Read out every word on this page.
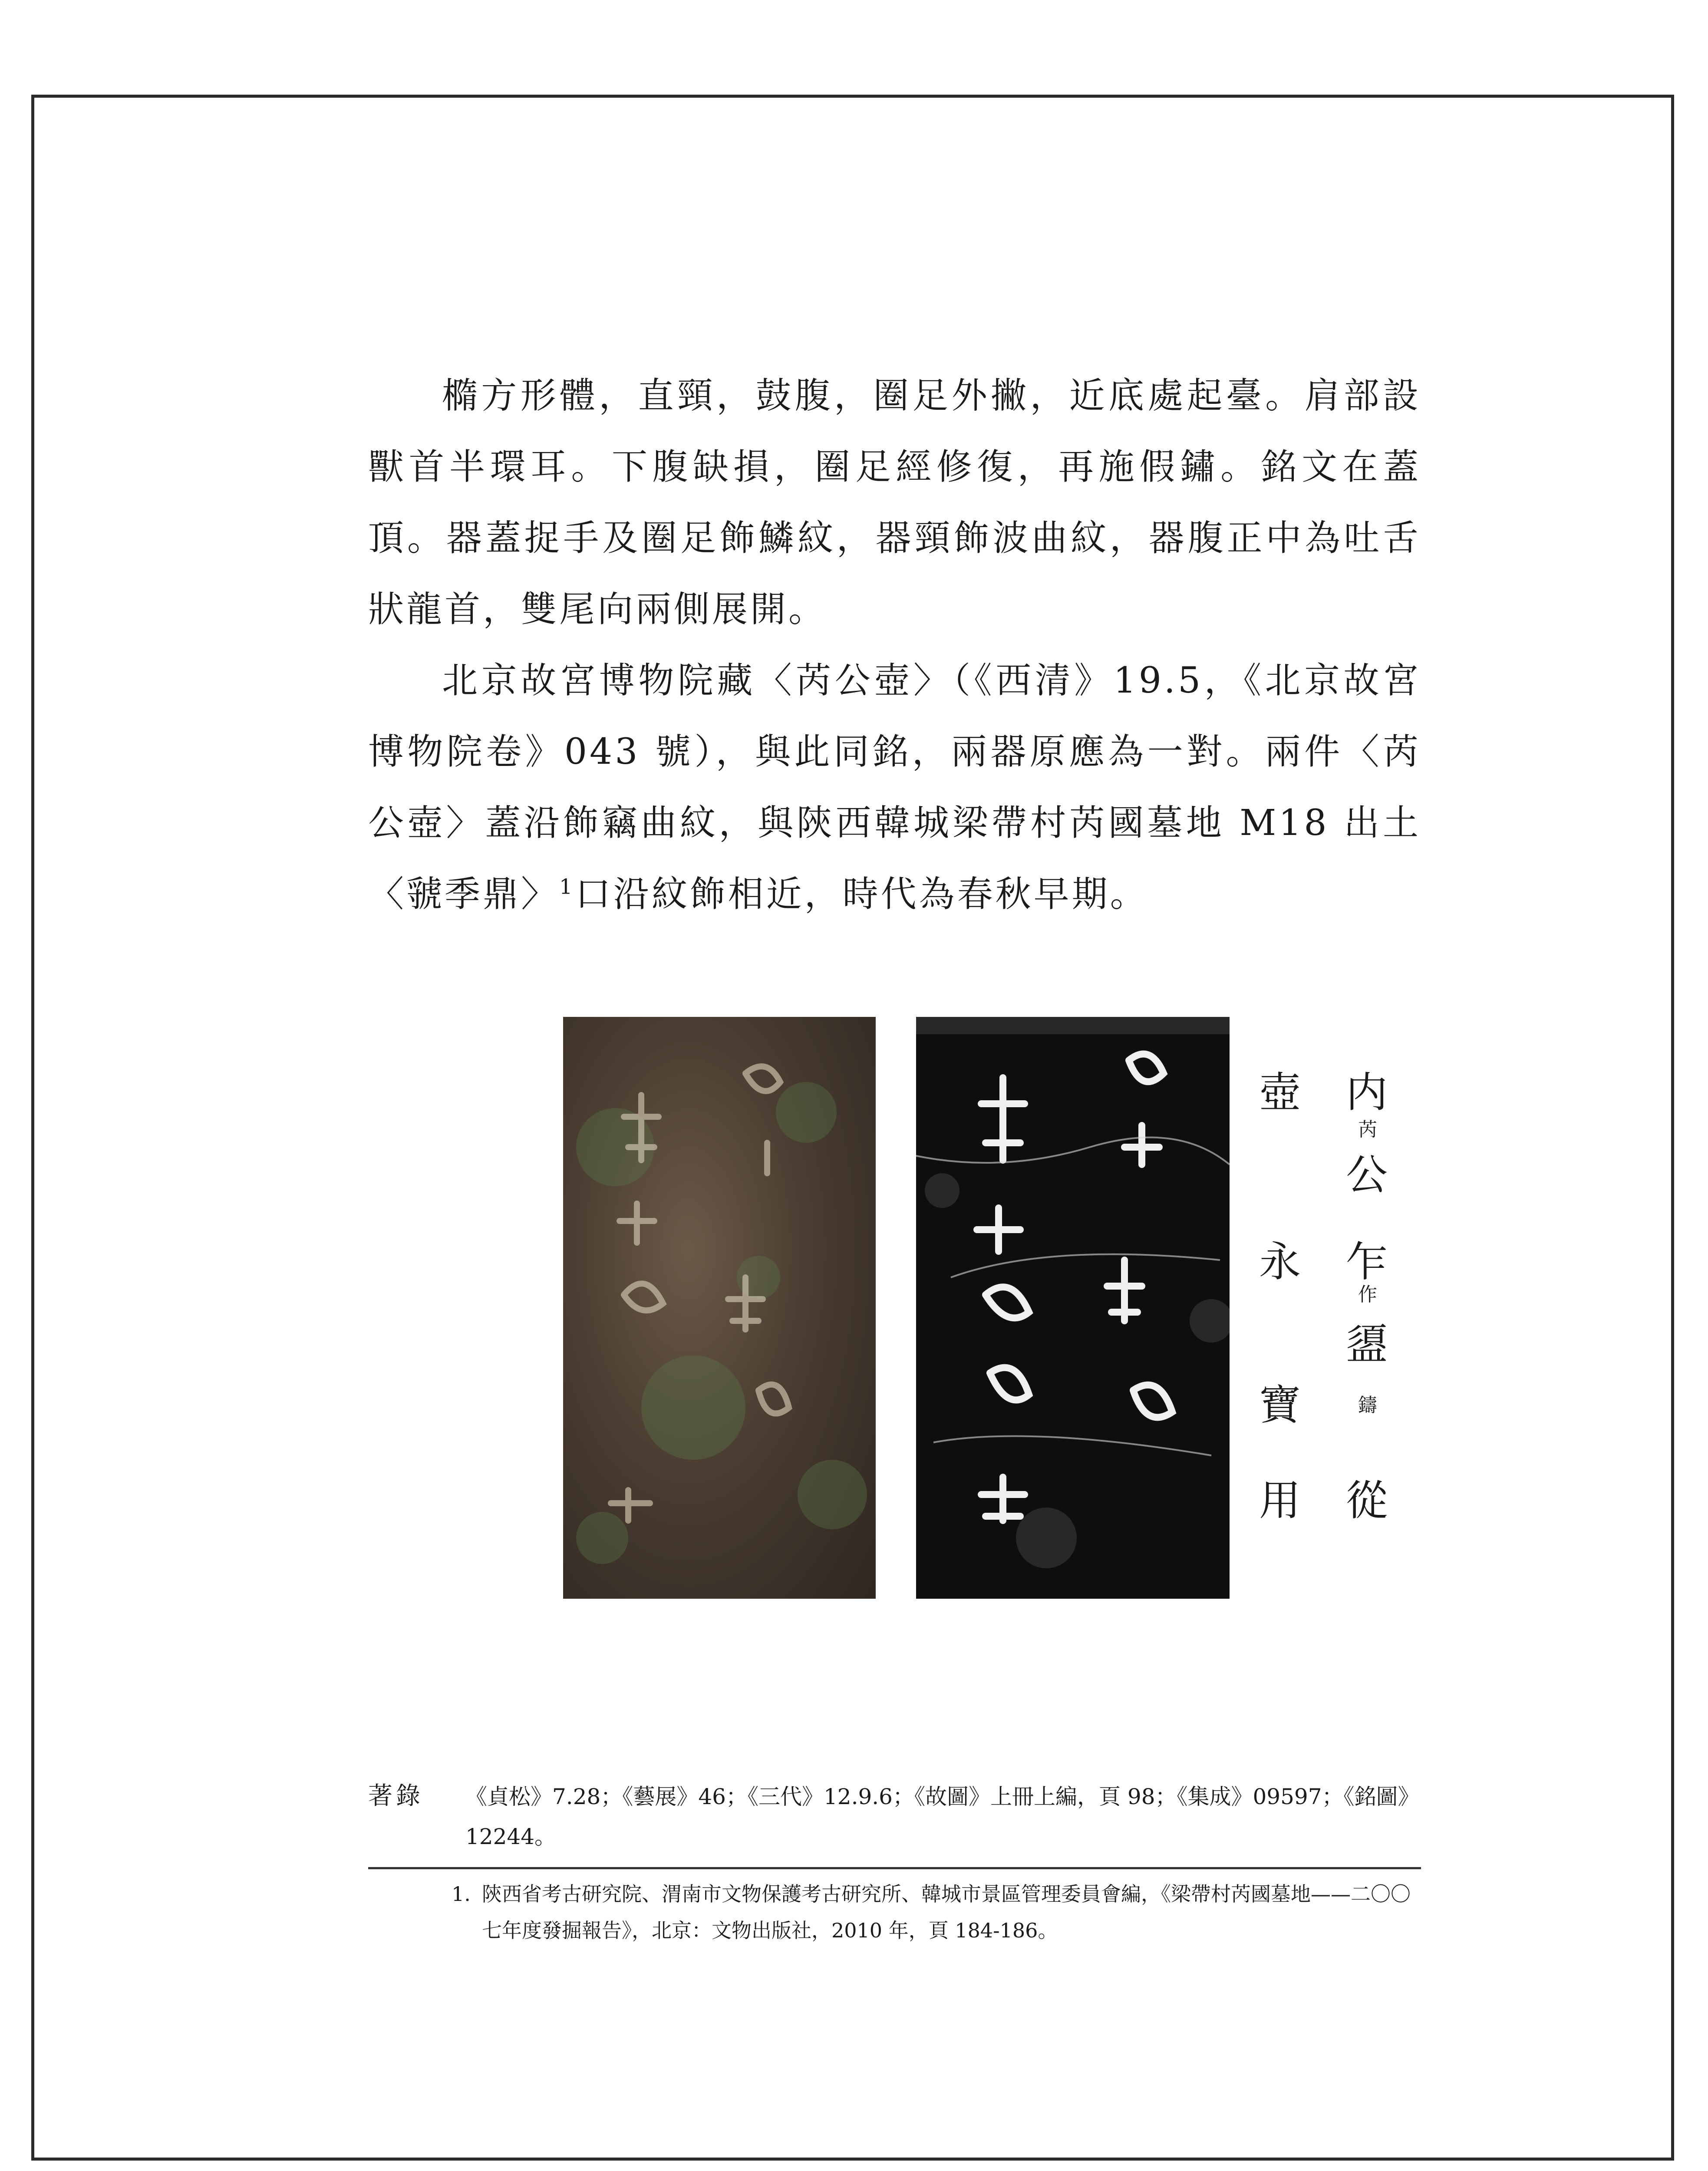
橢方形體，直頸，鼓腹，圈足外撇，近底處起臺。肩部設獸首半環耳。下腹缺損，圈足經修復，再施假鏽。銘文在蓋頂。器蓋捉手及圈足飾鱗紋，器頸飾波曲紋，器腹正中為吐舌狀龍首，雙尾向兩側展開。

北京故宮博物院藏〈芮公壺〉（《西清》19.5，《北京故宮博物院卷》043 號），與此同銘，兩器原應為一對。兩件〈芮公壺〉蓋沿飾竊曲紋，與陝西韓城梁帶村芮國墓地 M18 出土〈虢季鼎〉$^1$口沿紋飾相近，時代為春秋早期。

内
芮
公
乍
作
盨
鑄
從
壺
永
寶
用
著錄 《貞松》7.28；《藝展》46；《三代》12.9.6；《故圖》上冊上編，頁 98；《集成》09597；《銘圖》12244。
1. 陝西省考古研究院、渭南市文物保護考古研究所、韓城市景區管理委員會編，《梁帶村芮國墓地——二〇〇七年度發掘報告》，北京：文物出版社，2010 年，頁 184-186。
